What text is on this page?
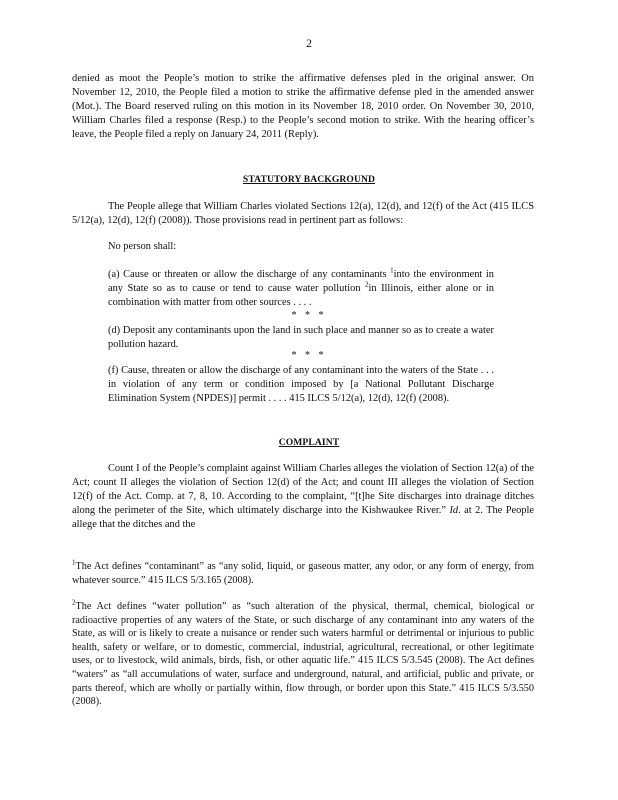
2
denied as moot the People’s motion to strike the affirmative defenses pled in the original answer. On November 12, 2010, the People filed a motion to strike the affirmative defense pled in the amended answer (Mot.). The Board reserved ruling on this motion in its November 18, 2010 order. On November 30, 2010, William Charles filed a response (Resp.) to the People’s second motion to strike. With the hearing officer’s leave, the People filed a reply on January 24, 2011 (Reply).
STATUTORY BACKGROUND
The People allege that William Charles violated Sections 12(a), 12(d), and 12(f) of the Act (415 ILCS 5/12(a), 12(d), 12(f) (2008)). Those provisions read in pertinent part as follows:
No person shall:
(a) Cause or threaten or allow the discharge of any contaminants $^1$into the environment in any State so as to cause or tend to cause water pollution $^2$in Illinois, either alone or in combination with matter from other sources . . . .
* * *
(d) Deposit any contaminants upon the land in such place and manner so as to create a water pollution hazard.
* * *
(f) Cause, threaten or allow the discharge of any contaminant into the waters of the State . . . in violation of any term or condition imposed by [a National Pollutant Discharge Elimination System (NPDES)] permit . . . . 415 ILCS 5/12(a), 12(d), 12(f) (2008).
COMPLAINT
Count I of the People’s complaint against William Charles alleges the violation of Section 12(a) of the Act; count II alleges the violation of Section 12(d) of the Act; and count III alleges the violation of Section 12(f) of the Act. Comp. at 7, 8, 10. According to the complaint, “[t]he Site discharges into drainage ditches along the perimeter of the Site, which ultimately discharge into the Kishwaukee River.” Id. at 2. The People allege that the ditches and the
$^1$The Act defines “contaminant” as “any solid, liquid, or gaseous matter, any odor, or any form of energy, from whatever source.” 415 ILCS 5/3.165 (2008).
$^2$The Act defines “water pollution” as “such alteration of the physical, thermal, chemical, biological or radioactive properties of any waters of the State, or such discharge of any contaminant into any waters of the State, as will or is likely to create a nuisance or render such waters harmful or detrimental or injurious to public health, safety or welfare, or to domestic, commercial, industrial, agricultural, recreational, or other legitimate uses, or to livestock, wild animals, birds, fish, or other aquatic life.” 415 ILCS 5/3.545 (2008). The Act defines “waters” as “all accumulations of water, surface and underground, natural, and artificial, public and private, or parts thereof, which are wholly or partially within, flow through, or border upon this State.” 415 ILCS 5/3.550 (2008).
